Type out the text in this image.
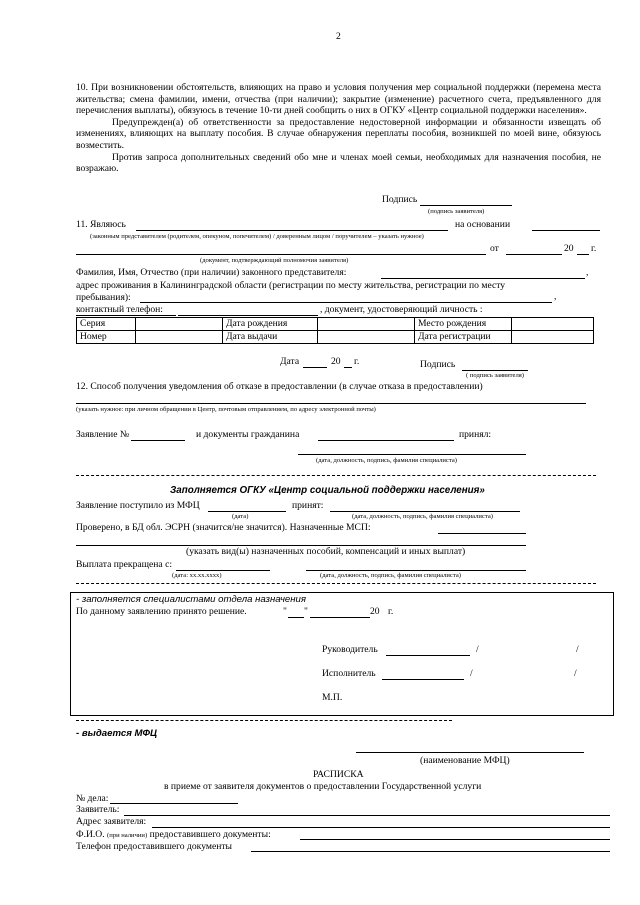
2

10. При возникновении обстоятельств, влияющих на право и условия получения мер социальной поддержки (перемена места жительства; смена фамилии, имени, отчества (при наличии); закрытие (изменение) расчетного счета, предъявленного для перечисления выплаты), обязуюсь в течение 10-ти дней сообщить о них в ОГКУ «Центр социальной поддержки населения».

Предупрежден(а) об ответственности за предоставление недостоверной информации и обязанности извещать об изменениях, влияющих на выплату пособия. В случае обнаружения переплаты пособия, возникшей по моей вине, обязуюсь возместить.

Против запроса дополнительных сведений обо мне и членах моей семьи, необходимых для назначения пособия, не возражаю.

Подпись
(подпись заявителя)
11. Являюсь	на основании
(законным представителем (родителем, опекуном, попечителем) / доверенным лицом / поручителем – указать нужное)
от	20 г.
(документ, подтверждающий полномочия заявителя)
Фамилия, Имя, Отчество (при наличии) законного представителя:	,
адрес проживания в Калининградской области (регистрации по месту жительства, регистрации по месту пребывания):	,
контактный телефон:	, документ, удостоверяющий личность :
Серия		Дата рождения		Место рождения	
Номер		Дата выдачи		Дата регистрации	
Дата	20 г.	Подпись
( подпись заявителя)
12. Способ получения уведомления об отказе в предоставлении (в случае отказа в предоставлении)
(указать нужное: при личном обращении в Центр, почтовым отправлением, по адресу электронной почты)
Заявление №	и документы гражданина	принял:
(дата, должность, подпись, фамилия специалиста)
Заполняется ОГКУ «Центр социальной поддержки населения»
Заявление поступило из МФЦ	принят:
(дата)	(дата, должность, подпись, фамилия специалиста)
Проверено, в БД обл. ЭСРН (значится/не значится). Назначенные МСП:
(указать вид(ы) назначенных пособий, компенсаций и иных выплат)
Выплата прекращена с:
(дата: хх.хх.хххх)	(дата, должность, подпись, фамилия специалиста)
- заполняется специалистами отдела назначения
По данному заявлению принято решение.	" "	20 г.
Руководитель	/	/
Исполнитель	/	/
М.П.
- выдается МФЦ
(наименование МФЦ)
РАСПИСКА
в приеме от заявителя документов о предоставлении Государственной услуги
№ дела:
Заявитель:
Адрес заявителя:
Ф.И.О. (при наличии) предоставившего документы:
Телефон предоставившего документы
